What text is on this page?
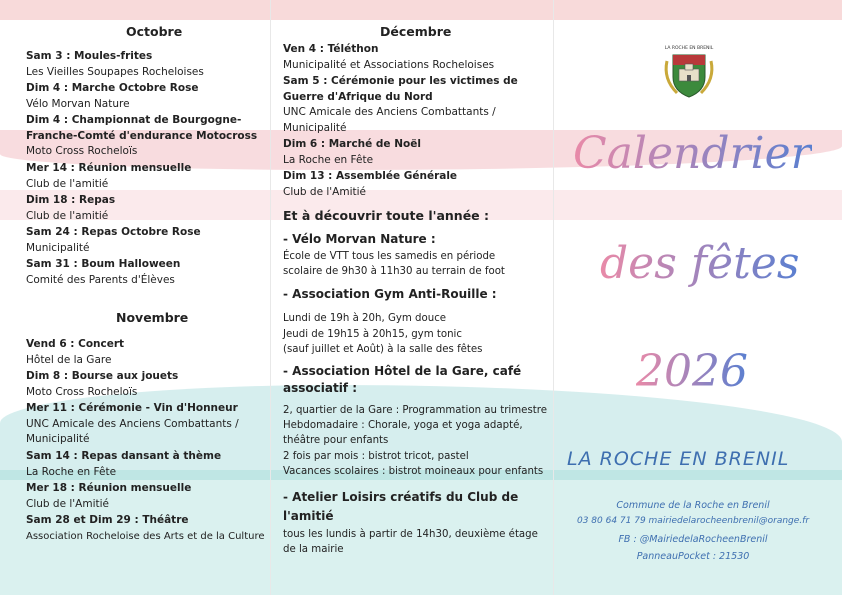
Octobre
Sam 3 : Moules-frites
Les Vieilles Soupapes Rocheloises
Dim 4 : Marche Octobre Rose
Vélo Morvan Nature
Dim 4 : Championnat de Bourgogne-Franche-Comté d'endurance Motocross
Moto Cross Rocheloïs
Mer 14 : Réunion mensuelle
Club de l'amitié
Dim 18 : Repas
Club de l'amitié
Sam 24 : Repas Octobre Rose
Municipalité
Sam 31 : Boum Halloween
Comité des Parents d'Élèves
Novembre
Vend 6 : Concert
Hôtel de la Gare
Dim 8 : Bourse aux jouets
Moto Cross Rocheloïs
Mer 11 : Cérémonie - Vin d'Honneur
UNC Amicale des Anciens Combattants / Municipalité
Sam 14 : Repas dansant à thème
La Roche en Fête
Mer 18 : Réunion mensuelle
Club de l'Amitié
Sam 28 et Dim 29 : Théâtre
Association Rocheloise des Arts et de la Culture
Décembre
Ven 4 : Téléthon
Municipalité et Associations Rocheloises
Sam 5 : Cérémonie pour les victimes de Guerre d'Afrique du Nord
UNC Amicale des Anciens Combattants / Municipalité
Dim 6 : Marché de Noël
La Roche en Fête
Dim 13 : Assemblée Générale
Club de l'Amitié
Et à découvrir toute l'année :
- Vélo Morvan Nature :
École de VTT tous les samedis en période
scolaire de 9h30 à 11h30 au terrain de foot
- Association Gym Anti-Rouille :
Lundi de 19h à 20h, Gym douce
Jeudi de 19h15 à 20h15, gym tonic
(sauf juillet et Août) à la salle des fêtes
- Association Hôtel de la Gare, café
associatif :
2, quartier de la Gare : Programmation au trimestre
Hebdomadaire : Chorale, yoga et yoga adapté,
théâtre pour enfants
2 fois par mois : bistrot tricot, pastel
Vacances scolaires : bistrot moineaux pour enfants
- Atelier Loisirs créatifs du Club de
l'amitié
tous les lundis à partir de 14h30, deuxième étage
de la mairie
LA ROCHE EN BRENIL
Calendrier
des fêtes
2026
LA ROCHE EN BRENIL
Commune de la Roche en Brenil
03 80 64 71 79 mairiedelarocheenbrenil@orange.fr
FB : @MairiedelaRocheenBrenil
PanneauPocket : 21530
